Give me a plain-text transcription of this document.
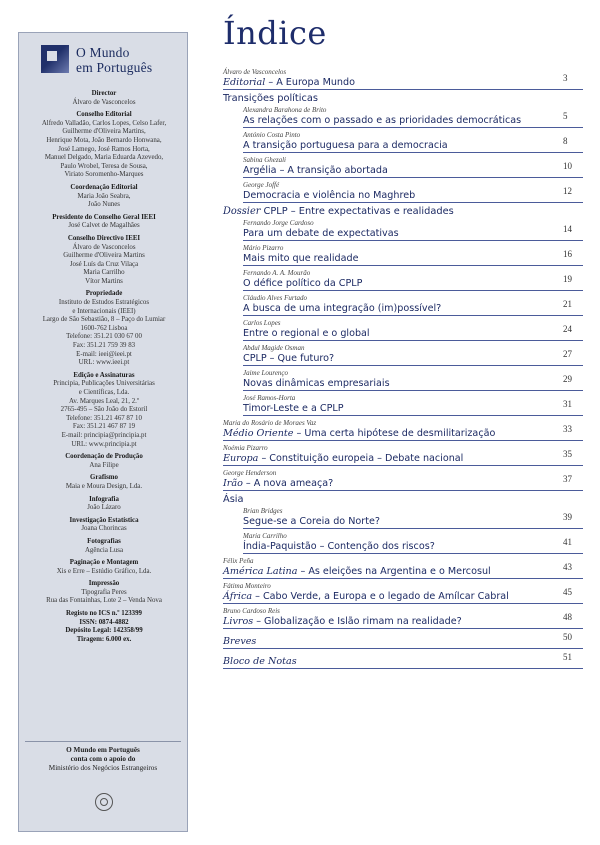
O Mundo
em Português
Director
Álvaro de Vasconcelos
Conselho Editorial
Alfredo Valladão, Carlos Lopes, Celso Lafer,
Guilherme d'Oliveira Martins,
Henrique Mota, João Bernardo Honwana,
José Lamego, José Ramos Horta,
Manuel Delgado, Maria Eduarda Azevedo,
Paulo Wrobel, Teresa de Sousa,
Viriato Soromenho-Marques
Coordenação Editorial
Maria João Seabra,
João Nunes
Presidente do Conselho Geral IEEI
José Calvet de Magalhães
Conselho Directivo IEEI
Álvaro de Vasconcelos
Guilherme d'Oliveira Martins
José Luís da Cruz Vilaça
Maria Carrilho
Vítor Martins
Propriedade
Instituto de Estudos Estratégicos
e Internacionais (IEEI)
Largo de São Sebastião, 8 – Paço do Lumiar
1600-762 Lisboa
Telefone: 351.21 030 67 00
Fax: 351.21 759 39 83
E-mail: ieei@ieei.pt
URL: www.ieei.pt
Edição e Assinaturas
Principia, Publicações Universitárias
e Científicas, Lda.
Av. Marques Leal, 21, 2.º
2765-495 – São João do Estoril
Telefone: 351.21 467 87 10
Fax: 351.21 467 87 19
E-mail: principia@principia.pt
URL: www.principia.pt
Coordenação de Produção
Ana Filipe
Grafismo
Maia e Moura Design, Lda.
Infografia
João Lázaro
Investigação Estatística
Joana Chorincas
Fotografias
Agência Lusa
Paginação e Montagem
Xis e Erre – Estúdio Gráfico, Lda.
Impressão
Tipografia Peres
Rua das Fontainhas, Lote 2 – Venda Nova
Registo no ICS n.º 123399
ISSN: 0874-4882
Depósito Legal: 142358/99
Tiragem: 6.000 ex.
O Mundo em Português
conta com o apoio do
Ministério dos Negócios Estrangeiros
Índice
Álvaro de Vasconcelos
Editorial – A Europa Mundo	3
Transições políticas
Alexandra Barahona de Brito
As relações com o passado e as prioridades democráticas	5
António Costa Pinto
A transição portuguesa para a democracia	8
Sabina Ghezali
Argélia – A transição abortada	10
George Joffé
Democracia e violência no Maghreb	12
Dossier CPLP – Entre expectativas e realidades
Fernando Jorge Cardoso
Para um debate de expectativas	14
Mário Pizarro
Mais mito que realidade	16
Fernando A. A. Mourão
O défice político da CPLP	19
Cláudio Alves Furtado
A busca de uma integração (im)possível?	21
Carlos Lopes
Entre o regional e o global	24
Abdul Magide Osman
CPLP – Que futuro?	27
Jaime Lourenço
Novas dinâmicas empresariais	29
José Ramos-Horta
Timor-Leste e a CPLP	31
Maria do Rosário de Moraes Vaz
Médio Oriente – Uma certa hipótese de desmilitarização	33
Noémia Pizarro
Europa – Constituição europeia – Debate nacional	35
George Henderson
Irão – A nova ameaça?	37
Ásia
Brian Bridges
Segue-se a Coreia do Norte?	39
Maria Carrilho
Índia-Paquistão – Contenção dos riscos?	41
Félix Peña
América Latina – As eleições na Argentina e o Mercosul	43
Fátima Monteiro
África – Cabo Verde, a Europa e o legado de Amílcar Cabral	45
Bruno Cardoso Reis
Livros – Globalização e Islão rimam na realidade?	48
Breves	50
Bloco de Notas	51
